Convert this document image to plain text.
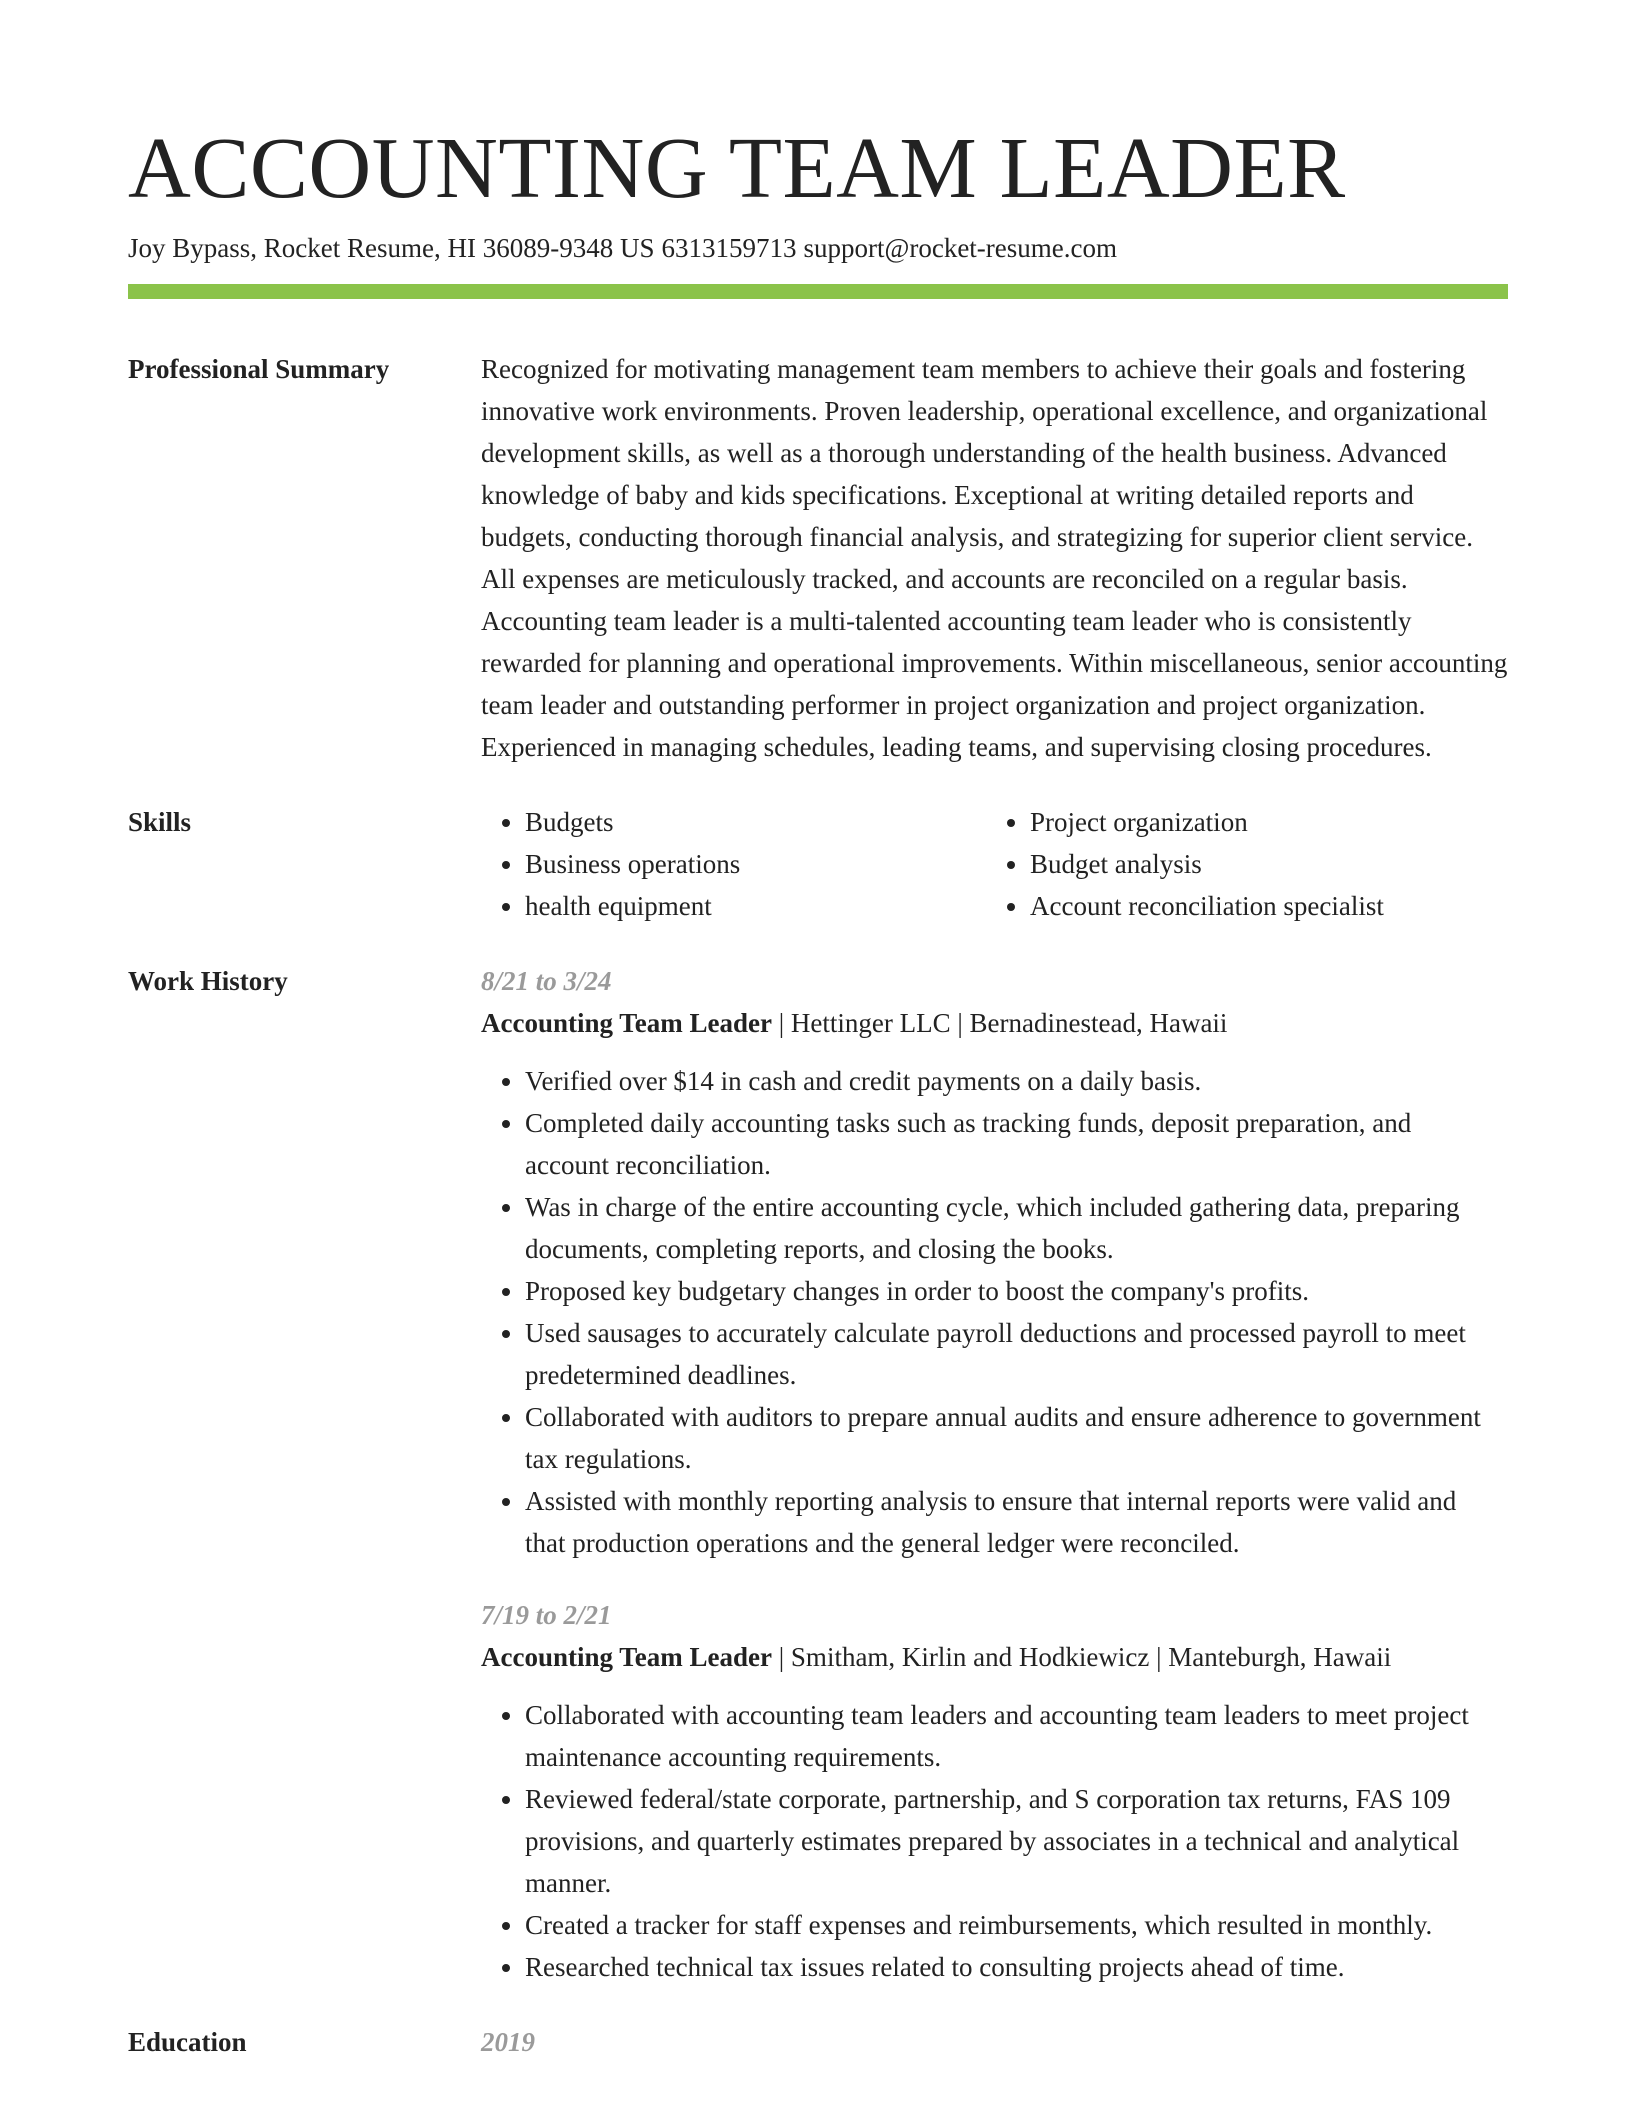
ACCOUNTING TEAM LEADER
Joy Bypass, Rocket Resume, HI 36089-9348 US 6313159713 support@rocket-resume.com
Professional Summary	Recognized for motivating management team members to achieve their goals and fostering innovative work environments. Proven leadership, operational excellence, and organizational development skills, as well as a thorough understanding of the health business. Advanced knowledge of baby and kids specifications. Exceptional at writing detailed reports and budgets, conducting thorough financial analysis, and strategizing for superior client service. All expenses are meticulously tracked, and accounts are reconciled on a regular basis. Accounting team leader is a multi-talented accounting team leader who is consistently rewarded for planning and operational improvements. Within miscellaneous, senior accounting team leader and outstanding performer in project organization and project organization. Experienced in managing schedules, leading teams, and supervising closing procedures.
Skills
•	Budgets
• Business operations
• health equipment
• Project organization
• Budget analysis
• Account reconciliation specialist
Work History	8/21 to 3/24
Accounting Team Leader | Hettinger LLC | Bernadinestead, Hawaii
• Verified over $14 in cash and credit payments on a daily basis.
• Completed daily accounting tasks such as tracking funds, deposit preparation, and account reconciliation.
• Was in charge of the entire accounting cycle, which included gathering data, preparing documents, completing reports, and closing the books.
• Proposed key budgetary changes in order to boost the company's profits.
• Used sausages to accurately calculate payroll deductions and processed payroll to meet predetermined deadlines.
• Collaborated with auditors to prepare annual audits and ensure adherence to government tax regulations.
• Assisted with monthly reporting analysis to ensure that internal reports were valid and that production operations and the general ledger were reconciled.
7/19 to 2/21
Accounting Team Leader | Smitham, Kirlin and Hodkiewicz | Manteburgh, Hawaii
• Collaborated with accounting team leaders and accounting team leaders to meet project maintenance accounting requirements.
• Reviewed federal/state corporate, partnership, and S corporation tax returns, FAS 109 provisions, and quarterly estimates prepared by associates in a technical and analytical manner.
• Created a tracker for staff expenses and reimbursements, which resulted in monthly.
• Researched technical tax issues related to consulting projects ahead of time.
Education	2019
